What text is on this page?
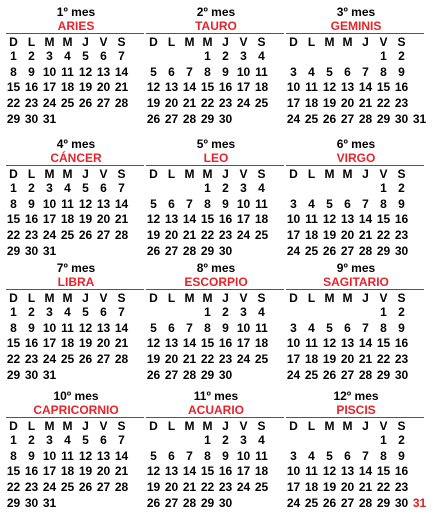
1º mes
ARIES
D L M M J V S
1 2 3 4 5 6 7
8 9 10 11 12 13 14
15 16 17 18 19 20 21
22 23 24 25 26 27 28
29 30 31
2º mes
TAURO
D L M M J V S
1 2 3 4
5 6 7 8 9 10 11
12 13 14 15 16 17 18
19 20 21 22 23 24 25
26 27 28 29 30
3º mes
GEMINIS
D L M M J V S
1 2
3 4 5 6 7 8 9
10 11 12 13 14 15 16
17 18 19 20 21 22 23
24 25 26 27 28 29 30 31
4º mes
CÁNCER
D L M M J V S
1 2 3 4 5 6 7
8 9 10 11 12 13 14
15 16 17 18 19 20 21
22 23 24 25 26 27 28
29 30 31
5º mes
LEO
D L M M J V S
1 2 3 4
5 6 7 8 9 10 11
12 13 14 15 16 17 18
19 20 21 22 23 24 25
26 27 28 29 30
6º mes
VIRGO
D L M M J V S
1 2
3 4 5 6 7 8 9
10 11 12 13 14 15 16
17 18 19 20 21 22 23
24 25 26 27 28 29 30
7º mes
LIBRA
D L M M J V S
1 2 3 4 5 6 7
8 9 10 11 12 13 14
15 16 17 18 19 20 21
22 23 24 25 26 27 28
29 30 31
8º mes
ESCORPIO
D L M M J V S
1 2 3 4
5 6 7 8 9 10 11
12 13 14 15 16 17 18
19 20 21 22 23 24 25
26 27 28 29 30
9º mes
SAGITARIO
D L M M J V S
1 2
3 4 5 6 7 8 9
10 11 12 13 14 15 16
17 18 19 20 21 22 23
24 25 26 27 28 29 30
10º mes
CAPRICORNIO
D L M M J V S
1 2 3 4 5 6 7
8 9 10 11 12 13 14
15 16 17 18 19 20 21
22 23 24 25 26 27 28
29 30 31
11º mes
ACUARIO
D L M M J V S
1 2 3 4
5 6 7 8 9 10 11
12 13 14 15 16 17 18
19 20 21 22 23 24 25
26 27 28 29 30
12º mes
PISCIS
D L M M J V S
1 2
3 4 5 6 7 8 9
10 11 12 13 14 15 16
17 18 19 20 21 22 23
24 25 26 27 28 29 30 31
